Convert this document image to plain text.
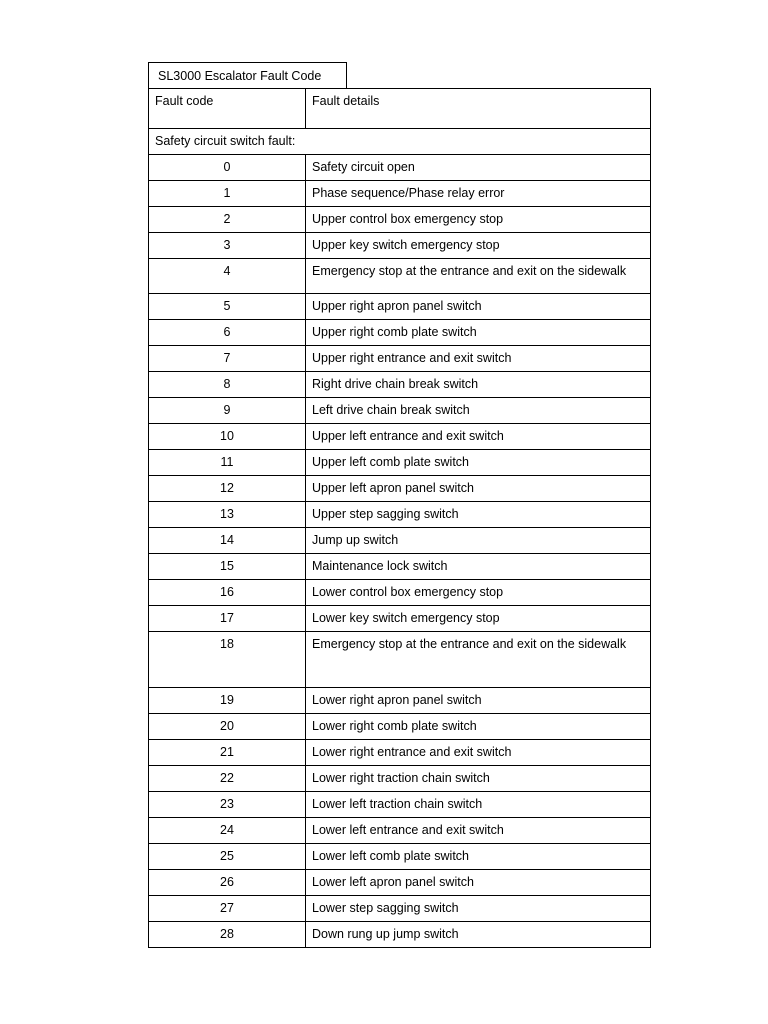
SL3000 Escalator Fault Code
Fault code	Fault details
Safety circuit switch fault:	
0	Safety circuit open
1	Phase sequence/Phase relay error
2	Upper control box emergency stop
3	Upper key switch emergency stop
4	Emergency stop at the entrance and exit on the sidewalk
5	Upper right apron panel switch
6	Upper right comb plate switch
7	Upper right entrance and exit switch
8	Right drive chain break switch
9	Left drive chain break switch
10	Upper left entrance and exit switch
11	Upper left comb plate switch
12	Upper left apron panel switch
13	Upper step sagging switch
14	Jump up switch
15	Maintenance lock switch
16	Lower control box emergency stop
17	Lower key switch emergency stop
18	Emergency stop at the entrance and exit on the sidewalk
19	Lower right apron panel switch
20	Lower right comb plate switch
21	Lower right entrance and exit switch
22	Lower right traction chain switch
23	Lower left traction chain switch
24	Lower left entrance and exit switch
25	Lower left comb plate switch
26	Lower left apron panel switch
27	Lower step sagging switch
28	Down rung up jump switch
